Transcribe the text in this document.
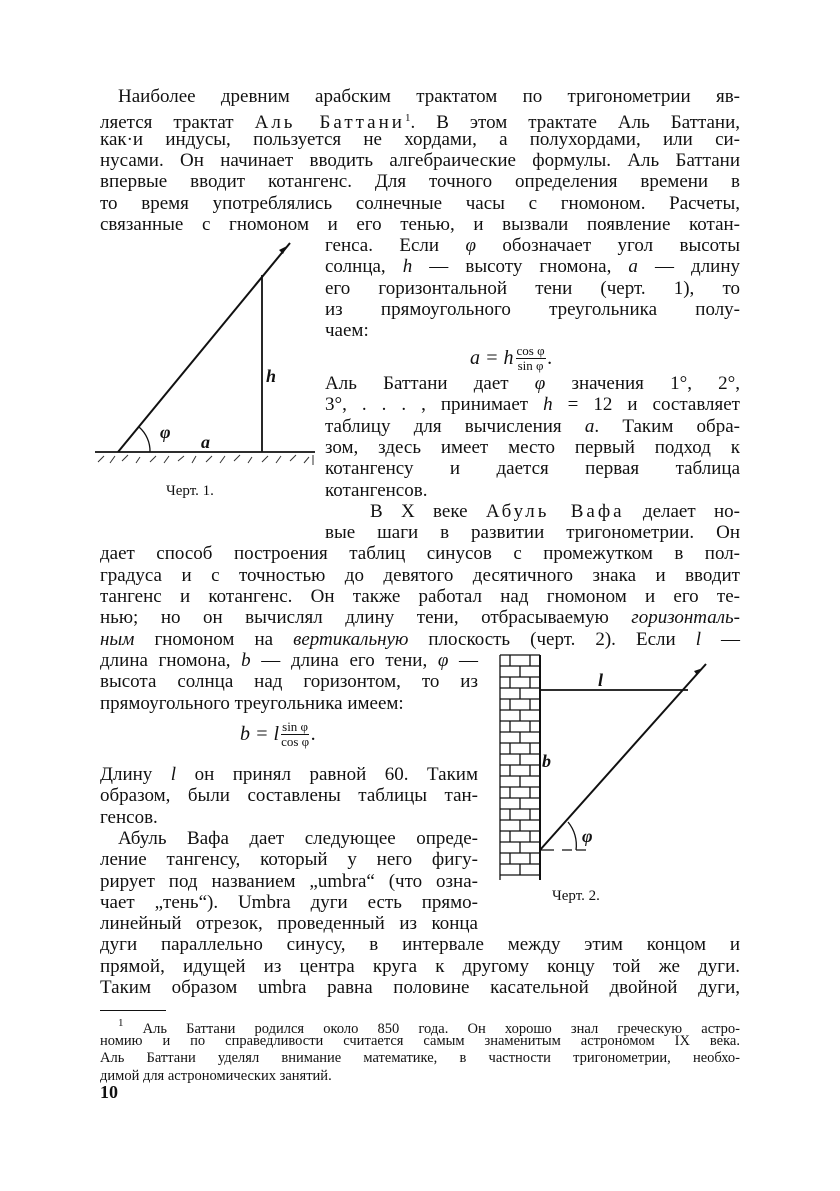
Наиболее древним арабским трактатом по тригонометрии яв-
ляется трактат Аль Баттани$^1$. В этом трактате Аль Баттани,
как·и индусы, пользуется не хордами, а полухордами, или си-
нусами. Он начинает вводить алгебраические формулы. Аль Баттани
впервые вводит котангенс. Для точного определения времени в
то время употреблялись солнечные часы с гномоном. Расчеты,
связанные с гномоном и его тенью, и вызвали появление котан-
генса. Если φ обозначает угол высоты
солнца, h — высоту гномона, a — длину
его горизонтальной тени (черт. 1), то
из прямоугольного треугольника полу-
чаем:
Аль Баттани дает φ значения 1°, 2°,
3°, . . . , принимает h = 12 и составляет
таблицу для вычисления a. Таким обра-
зом, здесь имеет место первый подход к
котангенсу и дается первая таблица
котангенсов.
В X веке Абуль Вафа делает но-
вые шаги в развитии тригонометрии. Он
дает способ построения таблиц синусов с промежутком в пол-
градуса и с точностью до девятого десятичного знака и вводит
тангенс и котангенс. Он также работал над гномоном и его те-
нью; но он вычислял длину тени, отбрасываемую горизонталь-
ным гномоном на вертикальную плоскость (черт. 2). Если l —
длина гномона, b — длина его тени, φ —
высота солнца над горизонтом, то из
прямоугольного треугольника имеем:
Длину l он принял равной 60. Таким
образом, были составлены таблицы тан-
генсов.
Абуль Вафа дает следующее опреде-
ление тангенсу, который у него фигу-
рирует под названием „umbra“ (что озна-
чает „тень“). Umbra дуги есть прямо-
линейный отрезок, проведенный из конца
дуги параллельно синусу, в интервале между этим концом и
прямой, идущей из центра круга к другому концу той же дуги.
Таким образом umbra равна половине касательной двойной дуги,
a = h $\frac{\text{cos φ}}{\text{sin φ}}$ .
b = l $\frac{\text{sin φ}}{\text{cos φ}}$ .
φ a
h
φ
b
l
Черт. 1.
Черт. 2.
$^1$ Аль Баттани родился около 850 года. Он хорошо знал греческую астро-
номию и по справедливости считается самым знаменитым астрономом IX века.
Аль Баттани уделял внимание математике, в частности тригонометрии, необхо-
димой для астрономических занятий.
10
